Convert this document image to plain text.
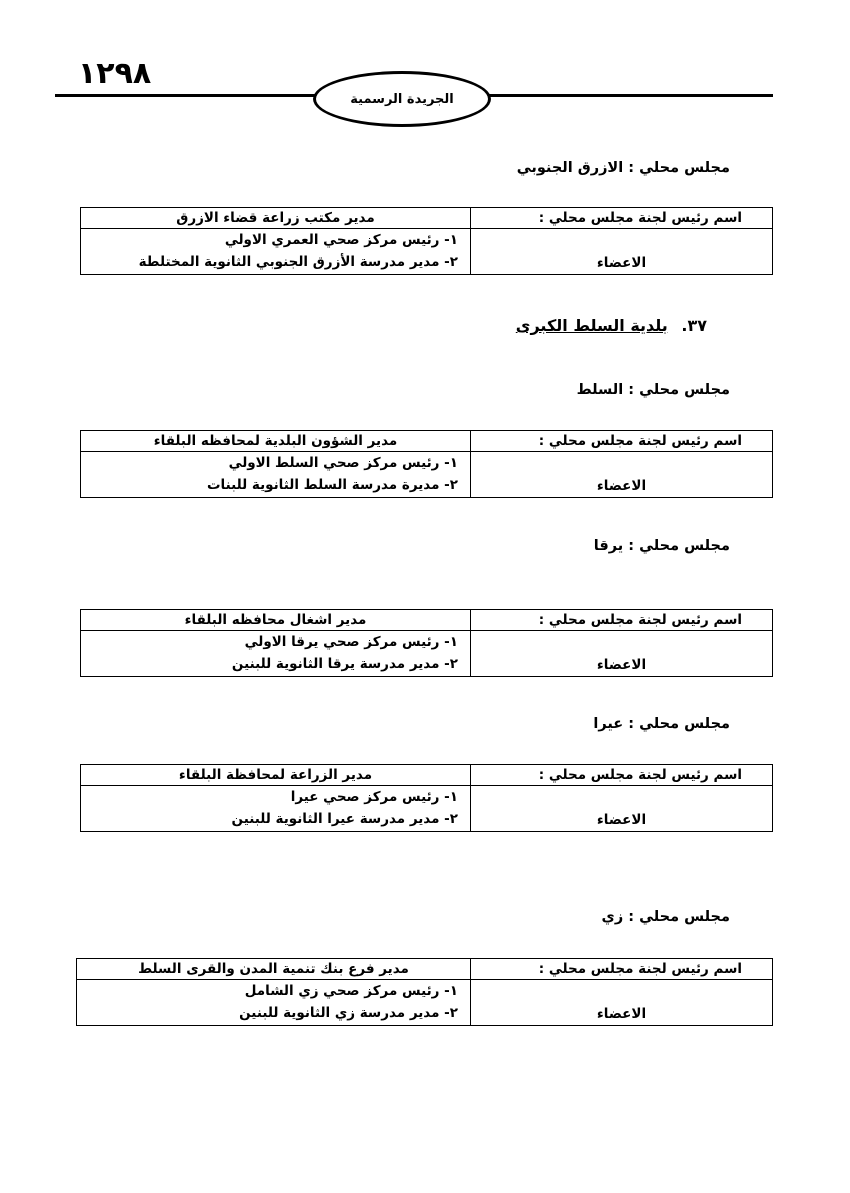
١٢٩٨
الجريدة الرسمية
مجلس محلي : الازرق الجنوبي
اسم رئيس لجنة مجلس محلي :	مدير مكتب زراعة قضاء الازرق
الاعضاء	١- رئيس مركز صحي العمري الاولي
٢- مدير مدرسة الأزرق الجنوبي الثانوية المختلطة
٣٧. بلدية السلط الكبرى
مجلس محلي : السلط
اسم رئيس لجنة مجلس محلي :	مدير الشؤون البلدية لمحافظه البلقاء
الاعضاء	١- رئيس مركز صحي السلط الاولي
٢- مديرة مدرسة السلط الثانوية للبنات
مجلس محلي : يرقا
اسم رئيس لجنة مجلس محلي :	مدير اشغال محافظه البلقاء
الاعضاء	١- رئيس مركز صحي يرقا الاولي
٢- مدير مدرسة يرقا الثانوية للبنين
مجلس محلي : عيرا
اسم رئيس لجنة مجلس محلي :	مدير الزراعة لمحافظة البلقاء
الاعضاء	١- رئيس مركز صحي عيرا
٢- مدير مدرسة عيرا الثانوية للبنين
مجلس محلي : زي
اسم رئيس لجنة مجلس محلي :	مدير فرع بنك تنمية المدن والقرى السلط
الاعضاء	١- رئيس مركز صحي زي الشامل
٢- مدير مدرسة زي الثانوية للبنين
